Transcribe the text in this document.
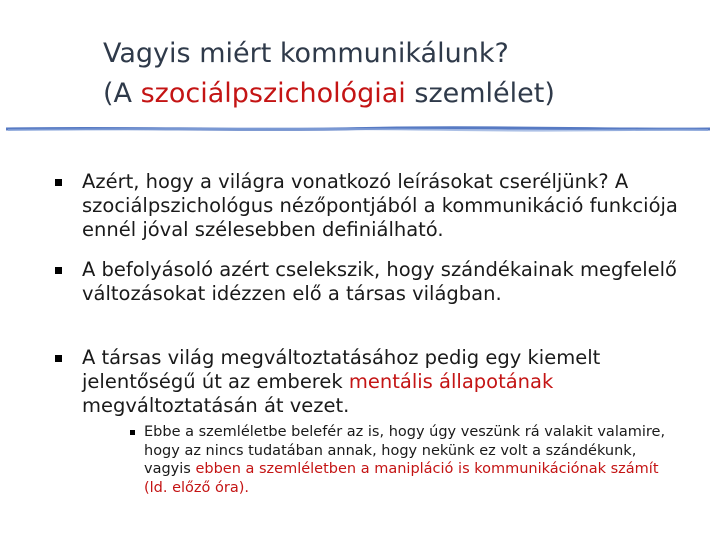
Vagyis miért kommunikálunk?
(A szociálpszichológiai szemlélet)
Azért, hogy a világra vonatkozó leírásokat cseréljünk? A szociálpszichológus nézőpontjából a kommunikáció funkciója ennél jóval szélesebben definiálható.
A befolyásoló azért cselekszik, hogy szándékainak megfelelő változásokat idézzen elő a társas világban.
A társas világ megváltoztatásához pedig egy kiemelt jelentőségű út az emberek mentális állapotának megváltoztatásán át vezet.
Ebbe a szemléletbe belefér az is, hogy úgy veszünk rá valakit valamire, hogy az nincs tudatában annak, hogy nekünk ez volt a szándékunk, vagyis ebben a szemléletben a manipláció is kommunikációnak számít (ld. előző óra).
